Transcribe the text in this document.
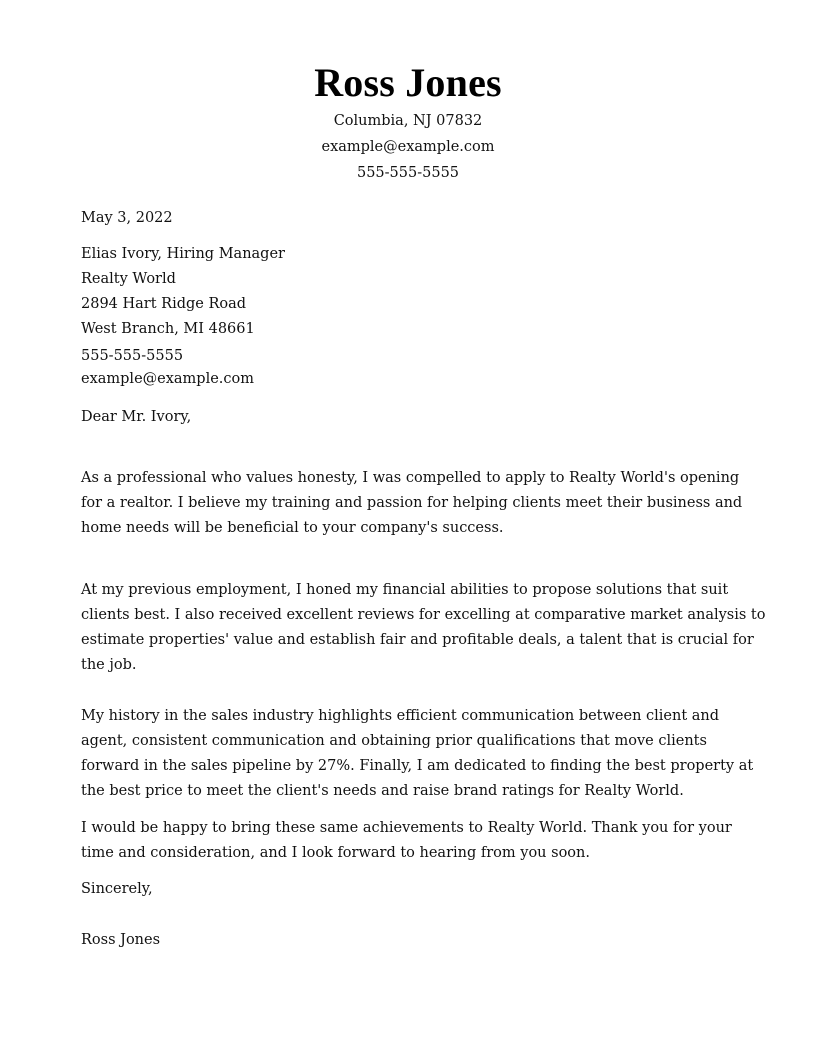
Ross Jones
Columbia, NJ 07832
example@example.com
555-555-5555
May 3, 2022
Elias Ivory, Hiring Manager
Realty World
2894 Hart Ridge Road
West Branch, MI 48661
555-555-5555
example@example.com
Dear Mr. Ivory,
As a professional who values honesty, I was compelled to apply to Realty World's opening
for a realtor. I believe my training and passion for helping clients meet their business and
home needs will be beneficial to your company's success.
At my previous employment, I honed my financial abilities to propose solutions that suit
clients best. I also received excellent reviews for excelling at comparative market analysis to
estimate properties' value and establish fair and profitable deals, a talent that is crucial for
the job.
My history in the sales industry highlights efficient communication between client and
agent, consistent communication and obtaining prior qualifications that move clients
forward in the sales pipeline by 27%. Finally, I am dedicated to finding the best property at
the best price to meet the client's needs and raise brand ratings for Realty World.
I would be happy to bring these same achievements to Realty World. Thank you for your
time and consideration, and I look forward to hearing from you soon.
Sincerely,
Ross Jones
